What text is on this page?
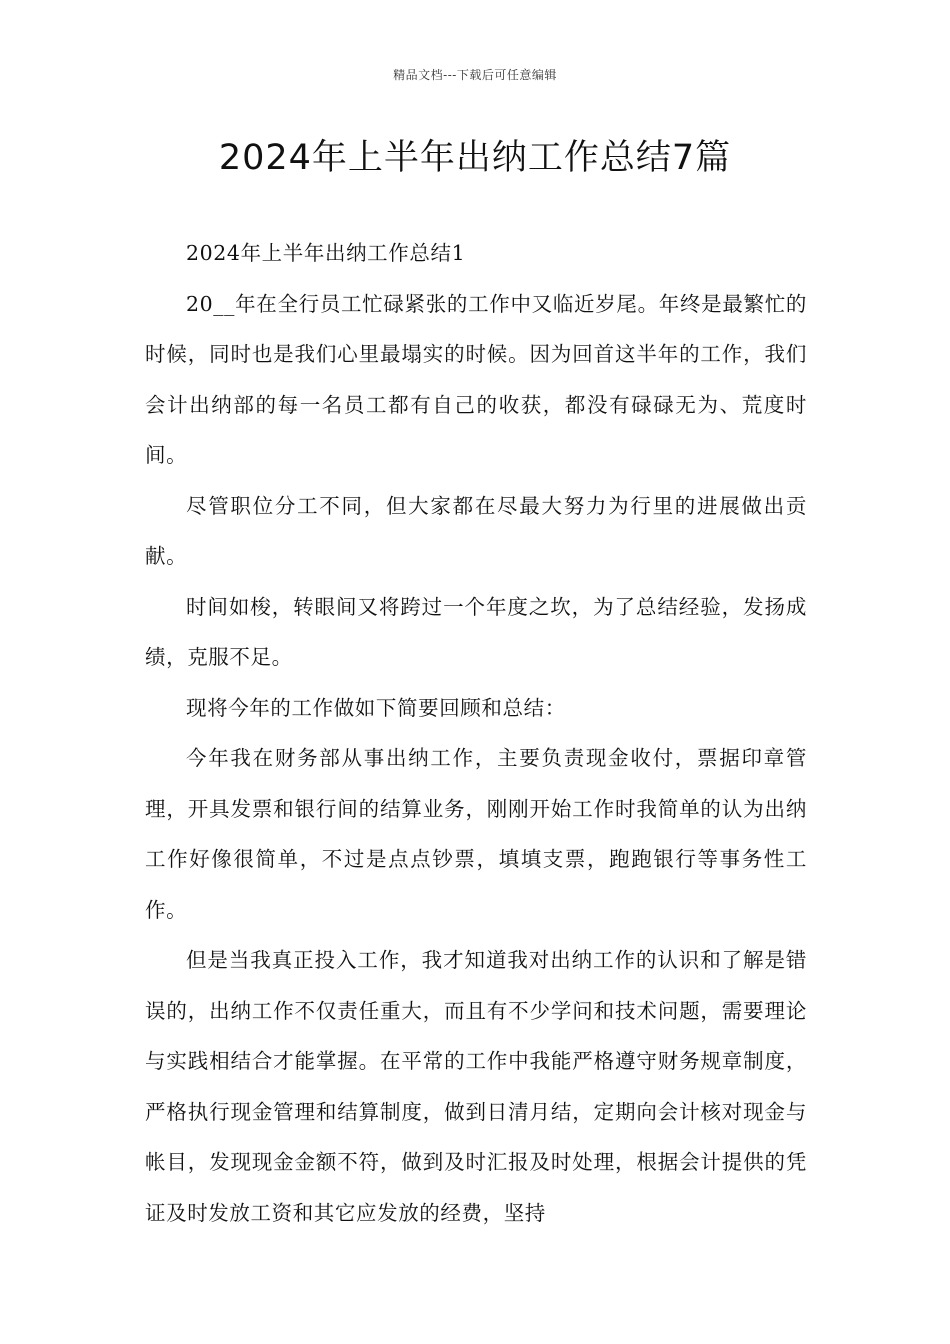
精品文档---下载后可任意编辑
2024年上半年出纳工作总结7篇

2024年上半年出纳工作总结1

20__年在全行员工忙碌紧张的工作中又临近岁尾。年终是最繁忙的时候，同时也是我们心里最塌实的时候。因为回首这半年的工作，我们会计出纳部的每一名员工都有自己的收获，都没有碌碌无为、荒度时间。

尽管职位分工不同，但大家都在尽最大努力为行里的进展做出贡献。

时间如梭，转眼间又将跨过一个年度之坎，为了总结经验，发扬成绩，克服不足。

现将今年的工作做如下简要回顾和总结：

今年我在财务部从事出纳工作，主要负责现金收付，票据印章管理，开具发票和银行间的结算业务，刚刚开始工作时我简单的认为出纳工作好像很简单，不过是点点钞票，填填支票，跑跑银行等事务性工作。

但是当我真正投入工作，我才知道我对出纳工作的认识和了解是错误的，出纳工作不仅责任重大，而且有不少学问和技术问题，需要理论与实践相结合才能掌握。在平常的工作中我能严格遵守财务规章制度，严格执行现金管理和结算制度，做到日清月结，定期向会计核对现金与帐目，发现现金金额不符，做到及时汇报及时处理，根据会计提供的凭证及时发放工资和其它应发放的经费，坚持
